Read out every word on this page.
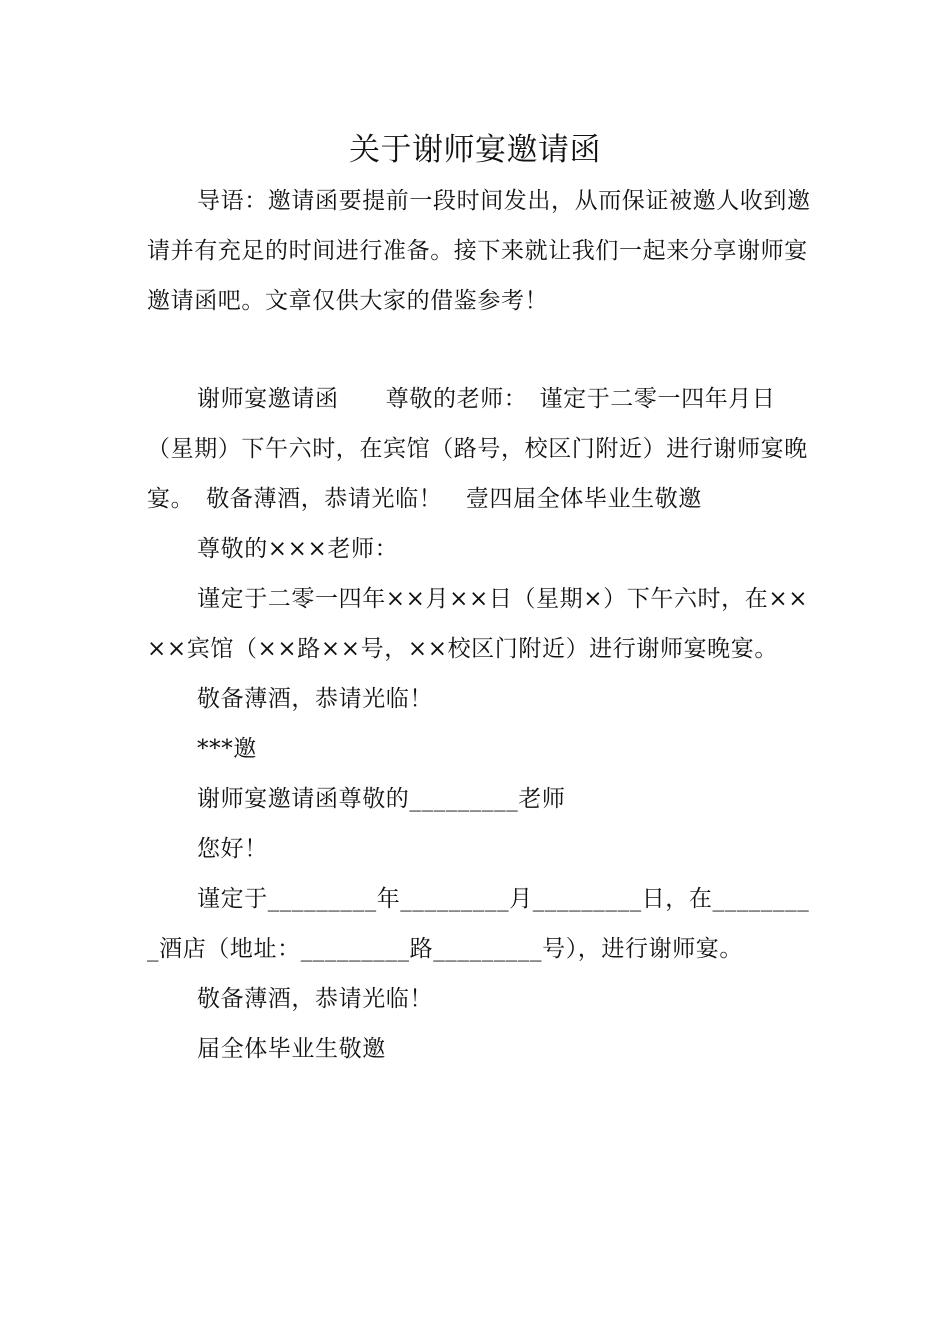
关于谢师宴邀请函

导语：邀请函要提前一段时间发出，从而保证被邀人收到邀请并有充足的时间进行准备。接下来就让我们一起来分享谢师宴邀请函吧。文章仅供大家的借鉴参考！

谢师宴邀请函　　尊敬的老师：　谨定于二零一四年月日（星期）下午六时，在宾馆（路号，校区门附近）进行谢师宴晚宴。　敬备薄酒，恭请光临！　壹四届全体毕业生敬邀

尊敬的×××老师：

谨定于二零一四年××月××日（星期×）下午六时，在××××宾馆（××路××号，××校区门附近）进行谢师宴晚宴。

敬备薄酒，恭请光临！

***邀

谢师宴邀请函尊敬的_________老师

您好！

谨定于_________年_________月_________日，在_________酒店（地址：_________路_________号），进行谢师宴。

敬备薄酒，恭请光临！

届全体毕业生敬邀
